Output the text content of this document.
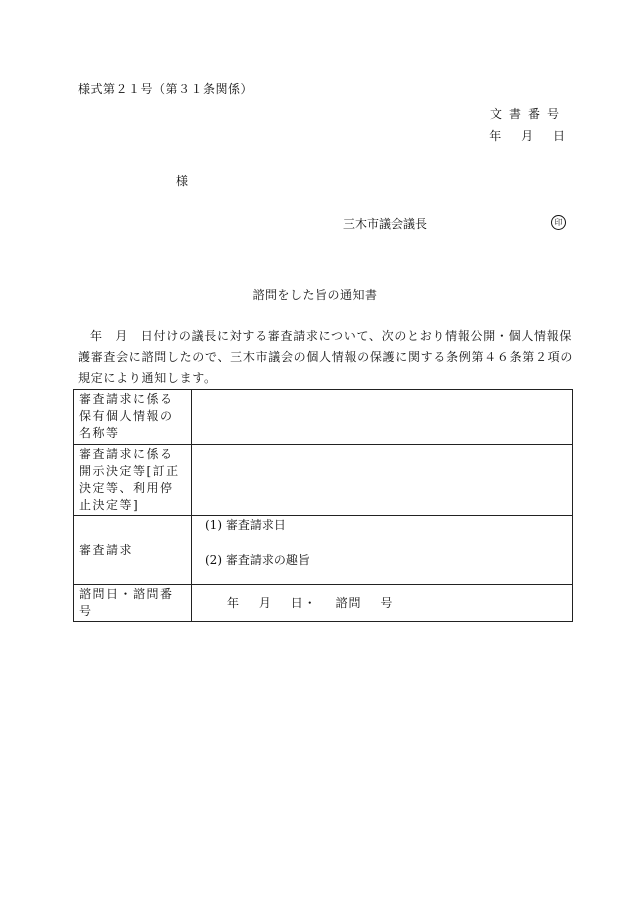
様式第２１号（第３１条関係）
文書番号
年 月 日
様
三木市議会議長	印
諮問をした旨の通知書
年　月　日付けの議長に対する審査請求について、次のとおり情報公開・個人情報保護審査会に諮問したので、三木市議会の個人情報の保護に関する条例第４６条第２項の規定により通知します。
審査請求に係る保有個人情報の名称等	
審査請求に係る開示決定等[訂正決定等、利用停止決定等]	
審査請求	(1) 審査請求日
(2) 審査請求の趣旨

諮問日・諮問番号	年 月 日・ 諮問 号
